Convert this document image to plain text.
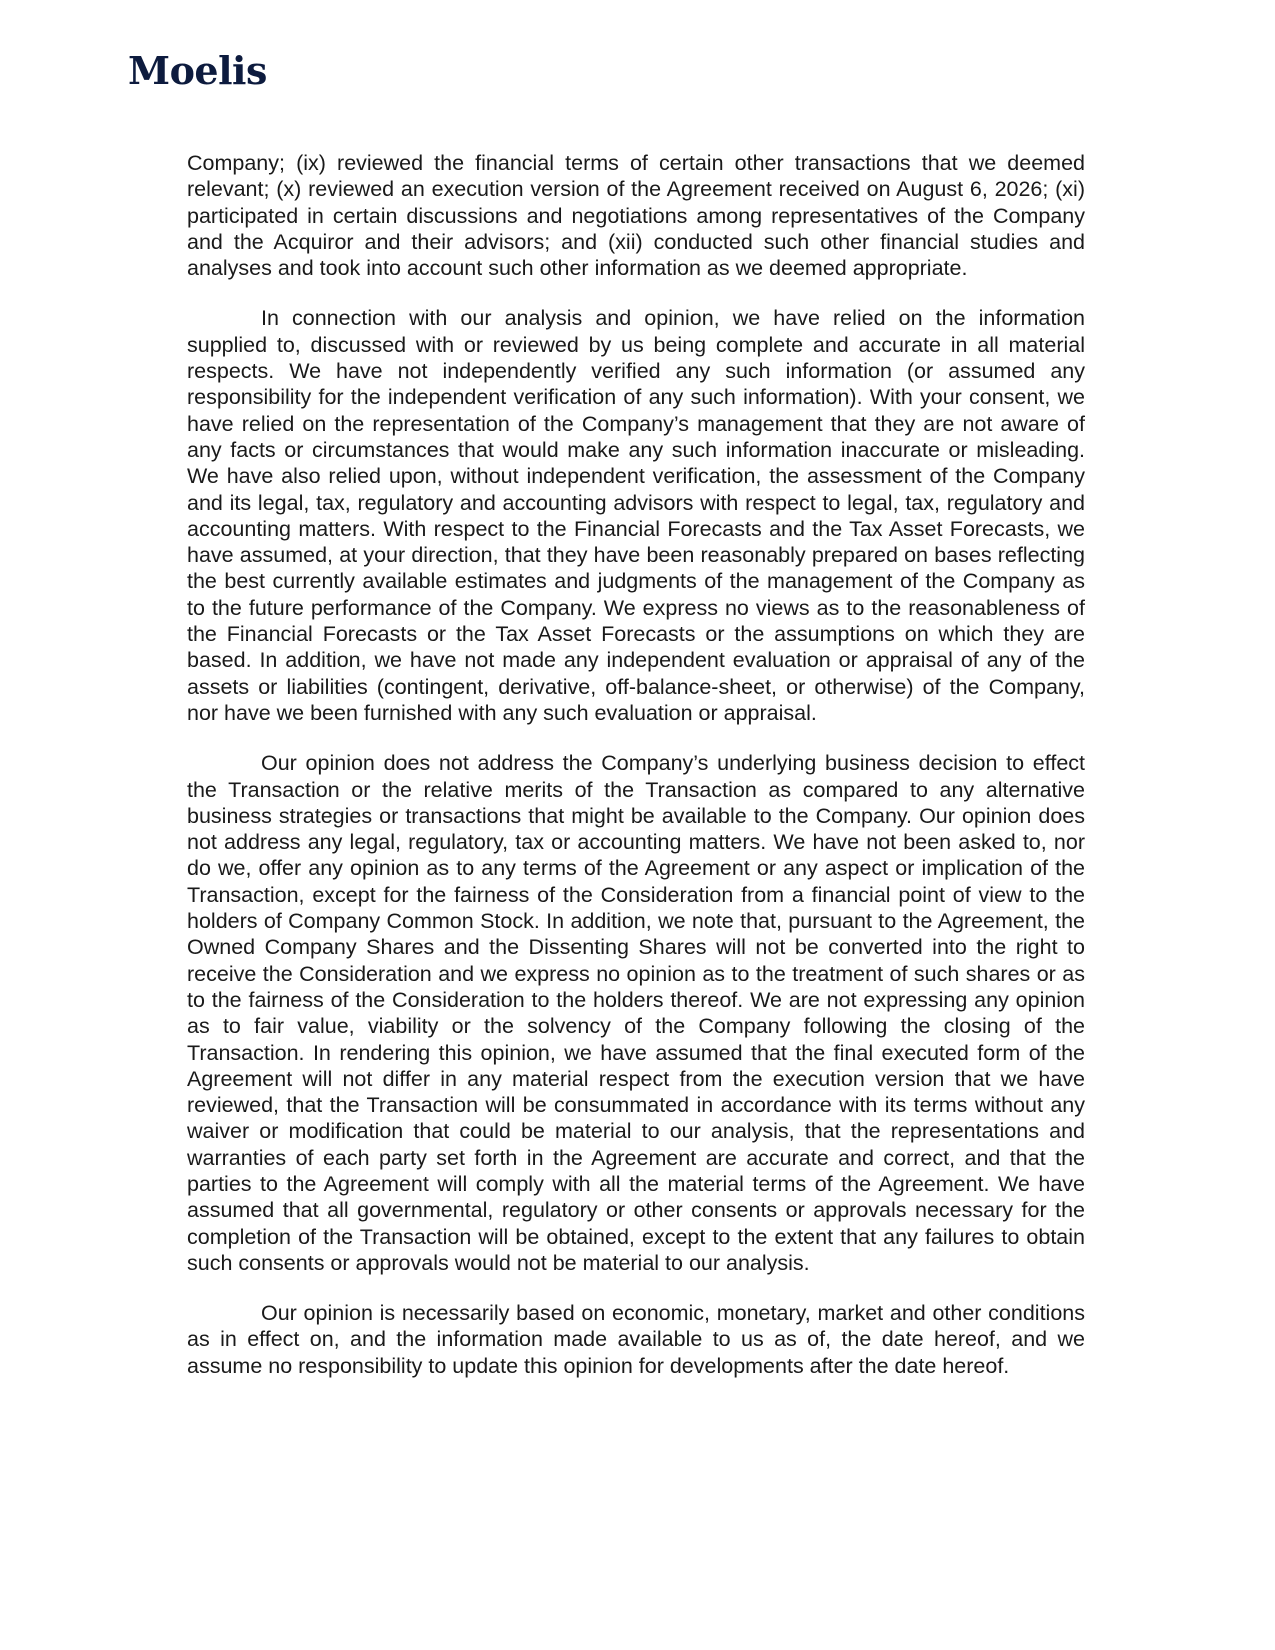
Moelis

Company; (ix) reviewed the financial terms of certain other transactions that we deemed relevant; (x) reviewed an execution version of the Agreement received on August 6, 2026; (xi) participated in certain discussions and negotiations among representatives of the Company and the Acquiror and their advisors; and (xii) conducted such other financial studies and analyses and took into account such other information as we deemed appropriate.

In connection with our analysis and opinion, we have relied on the information supplied to, discussed with or reviewed by us being complete and accurate in all material respects. We have not independently verified any such information (or assumed any responsibility for the independent verification of any such information). With your consent, we have relied on the representation of the Company’s management that they are not aware of any facts or circumstances that would make any such information inaccurate or misleading. We have also relied upon, without independent verification, the assessment of the Company and its legal, tax, regulatory and accounting advisors with respect to legal, tax, regulatory and accounting matters. With respect to the Financial Forecasts and the Tax Asset Forecasts, we have assumed, at your direction, that they have been reasonably prepared on bases reflecting the best currently available estimates and judgments of the management of the Company as to the future performance of the Company. We express no views as to the reasonableness of the Financial Forecasts or the Tax Asset Forecasts or the assumptions on which they are based. In addition, we have not made any independent evaluation or appraisal of any of the assets or liabilities (contingent, derivative, off-balance-sheet, or otherwise) of the Company, nor have we been furnished with any such evaluation or appraisal.

Our opinion does not address the Company’s underlying business decision to effect the Transaction or the relative merits of the Transaction as compared to any alternative business strategies or transactions that might be available to the Company. Our opinion does not address any legal, regulatory, tax or accounting matters. We have not been asked to, nor do we, offer any opinion as to any terms of the Agreement or any aspect or implication of the Transaction, except for the fairness of the Consideration from a financial point of view to the holders of Company Common Stock. In addition, we note that, pursuant to the Agreement, the Owned Company Shares and the Dissenting Shares will not be converted into the right to receive the Consideration and we express no opinion as to the treatment of such shares or as to the fairness of the Consideration to the holders thereof. We are not expressing any opinion as to fair value, viability or the solvency of the Company following the closing of the Transaction. In rendering this opinion, we have assumed that the final executed form of the Agreement will not differ in any material respect from the execution version that we have reviewed, that the Transaction will be consummated in accordance with its terms without any waiver or modification that could be material to our analysis, that the representations and warranties of each party set forth in the Agreement are accurate and correct, and that the parties to the Agreement will comply with all the material terms of the Agreement. We have assumed that all governmental, regulatory or other consents or approvals necessary for the completion of the Transaction will be obtained, except to the extent that any failures to obtain such consents or approvals would not be material to our analysis.

Our opinion is necessarily based on economic, monetary, market and other conditions as in effect on, and the information made available to us as of, the date hereof, and we assume no responsibility to update this opinion for developments after the date hereof.
